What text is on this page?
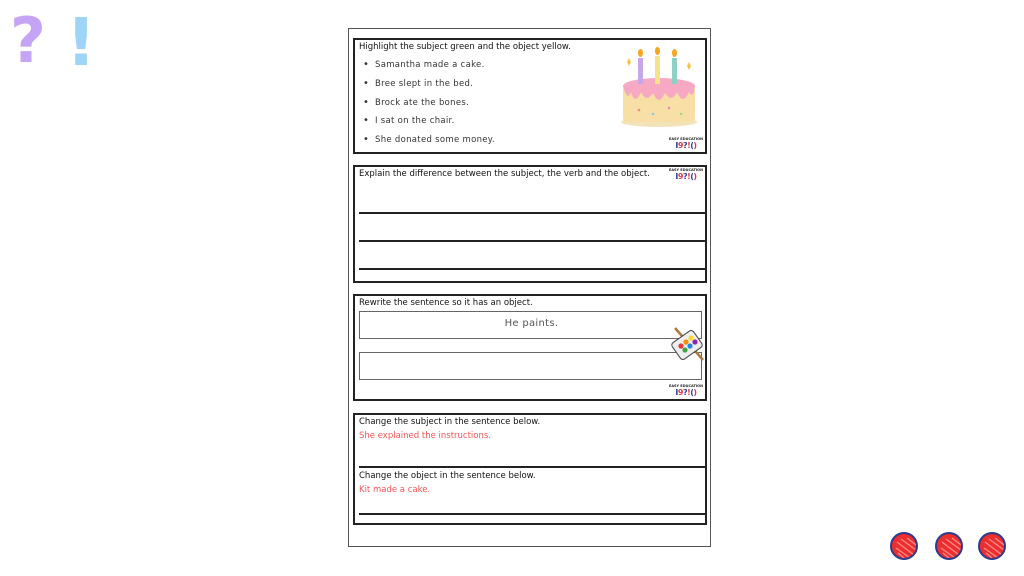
? !	Highlight the subject green and the object yellow.
• Samantha made a cake.
• Bree slept in the bed.
• Brock ate the bones.
• I sat on the chair.
• She donated some money.	EASY EDUCATION
I9?!()
Explain the difference between the subject, the verb and the object.	EASY EDUCATION
I9?!()
Rewrite the sentence so it has an object.
He paints.
EASY EDUCATION
I9?!()
Change the subject in the sentence below.
She explained the instructions.
Change the object in the sentence below.
Kit made a cake.
